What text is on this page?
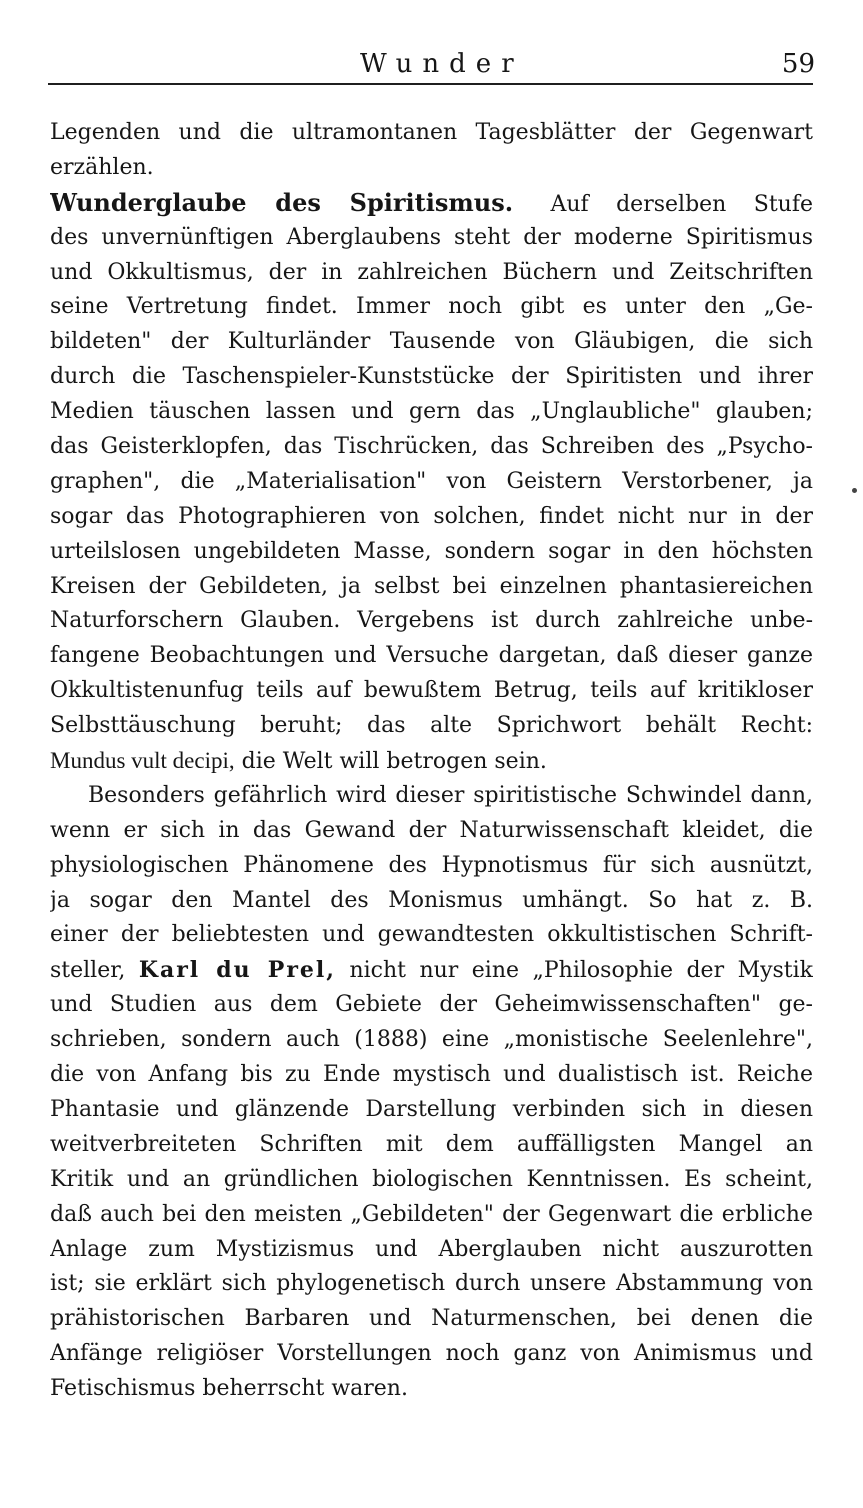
Wunder	59
Legenden und die ultramontanen Tagesblätter der Gegenwart
erzählen.
Wunderglaube des Spiritismus. Auf derselben Stufe
des unvernünftigen Aberglaubens steht der moderne Spiritismus
und Okkultismus, der in zahlreichen Büchern und Zeitschriften
seine Vertretung findet. Immer noch gibt es unter den „Ge-
bildeten" der Kulturländer Tausende von Gläubigen, die sich
durch die Taschenspieler-Kunststücke der Spiritisten und ihrer
Medien täuschen lassen und gern das „Unglaubliche" glauben;
das Geisterklopfen, das Tischrücken, das Schreiben des „Psycho-
graphen", die „Materialisation" von Geistern Verstorbener, ja
sogar das Photographieren von solchen, findet nicht nur in der
urteilslosen ungebildeten Masse, sondern sogar in den höchsten
Kreisen der Gebildeten, ja selbst bei einzelnen phantasiereichen
Naturforschern Glauben. Vergebens ist durch zahlreiche unbe-
fangene Beobachtungen und Versuche dargetan, daß dieser ganze
Okkultistenunfug teils auf bewußtem Betrug, teils auf kritikloser
Selbsttäuschung beruht; das alte Sprichwort behält Recht:
Mundus vult decipi, die Welt will betrogen sein.
Besonders gefährlich wird dieser spiritistische Schwindel dann,
wenn er sich in das Gewand der Naturwissenschaft kleidet, die
physiologischen Phänomene des Hypnotismus für sich ausnützt,
ja sogar den Mantel des Monismus umhängt. So hat z. B.
einer der beliebtesten und gewandtesten okkultistischen Schrift-
steller, Karl du Prel, nicht nur eine „Philosophie der Mystik
und Studien aus dem Gebiete der Geheimwissenschaften" ge-
schrieben, sondern auch (1888) eine „monistische Seelenlehre",
die von Anfang bis zu Ende mystisch und dualistisch ist. Reiche
Phantasie und glänzende Darstellung verbinden sich in diesen
weitverbreiteten Schriften mit dem auffälligsten Mangel an
Kritik und an gründlichen biologischen Kenntnissen. Es scheint,
daß auch bei den meisten „Gebildeten" der Gegenwart die erbliche
Anlage zum Mystizismus und Aberglauben nicht auszurotten
ist; sie erklärt sich phylogenetisch durch unsere Abstammung von
prähistorischen Barbaren und Naturmenschen, bei denen die
Anfänge religiöser Vorstellungen noch ganz von Animismus und
Fetischismus beherrscht waren.
